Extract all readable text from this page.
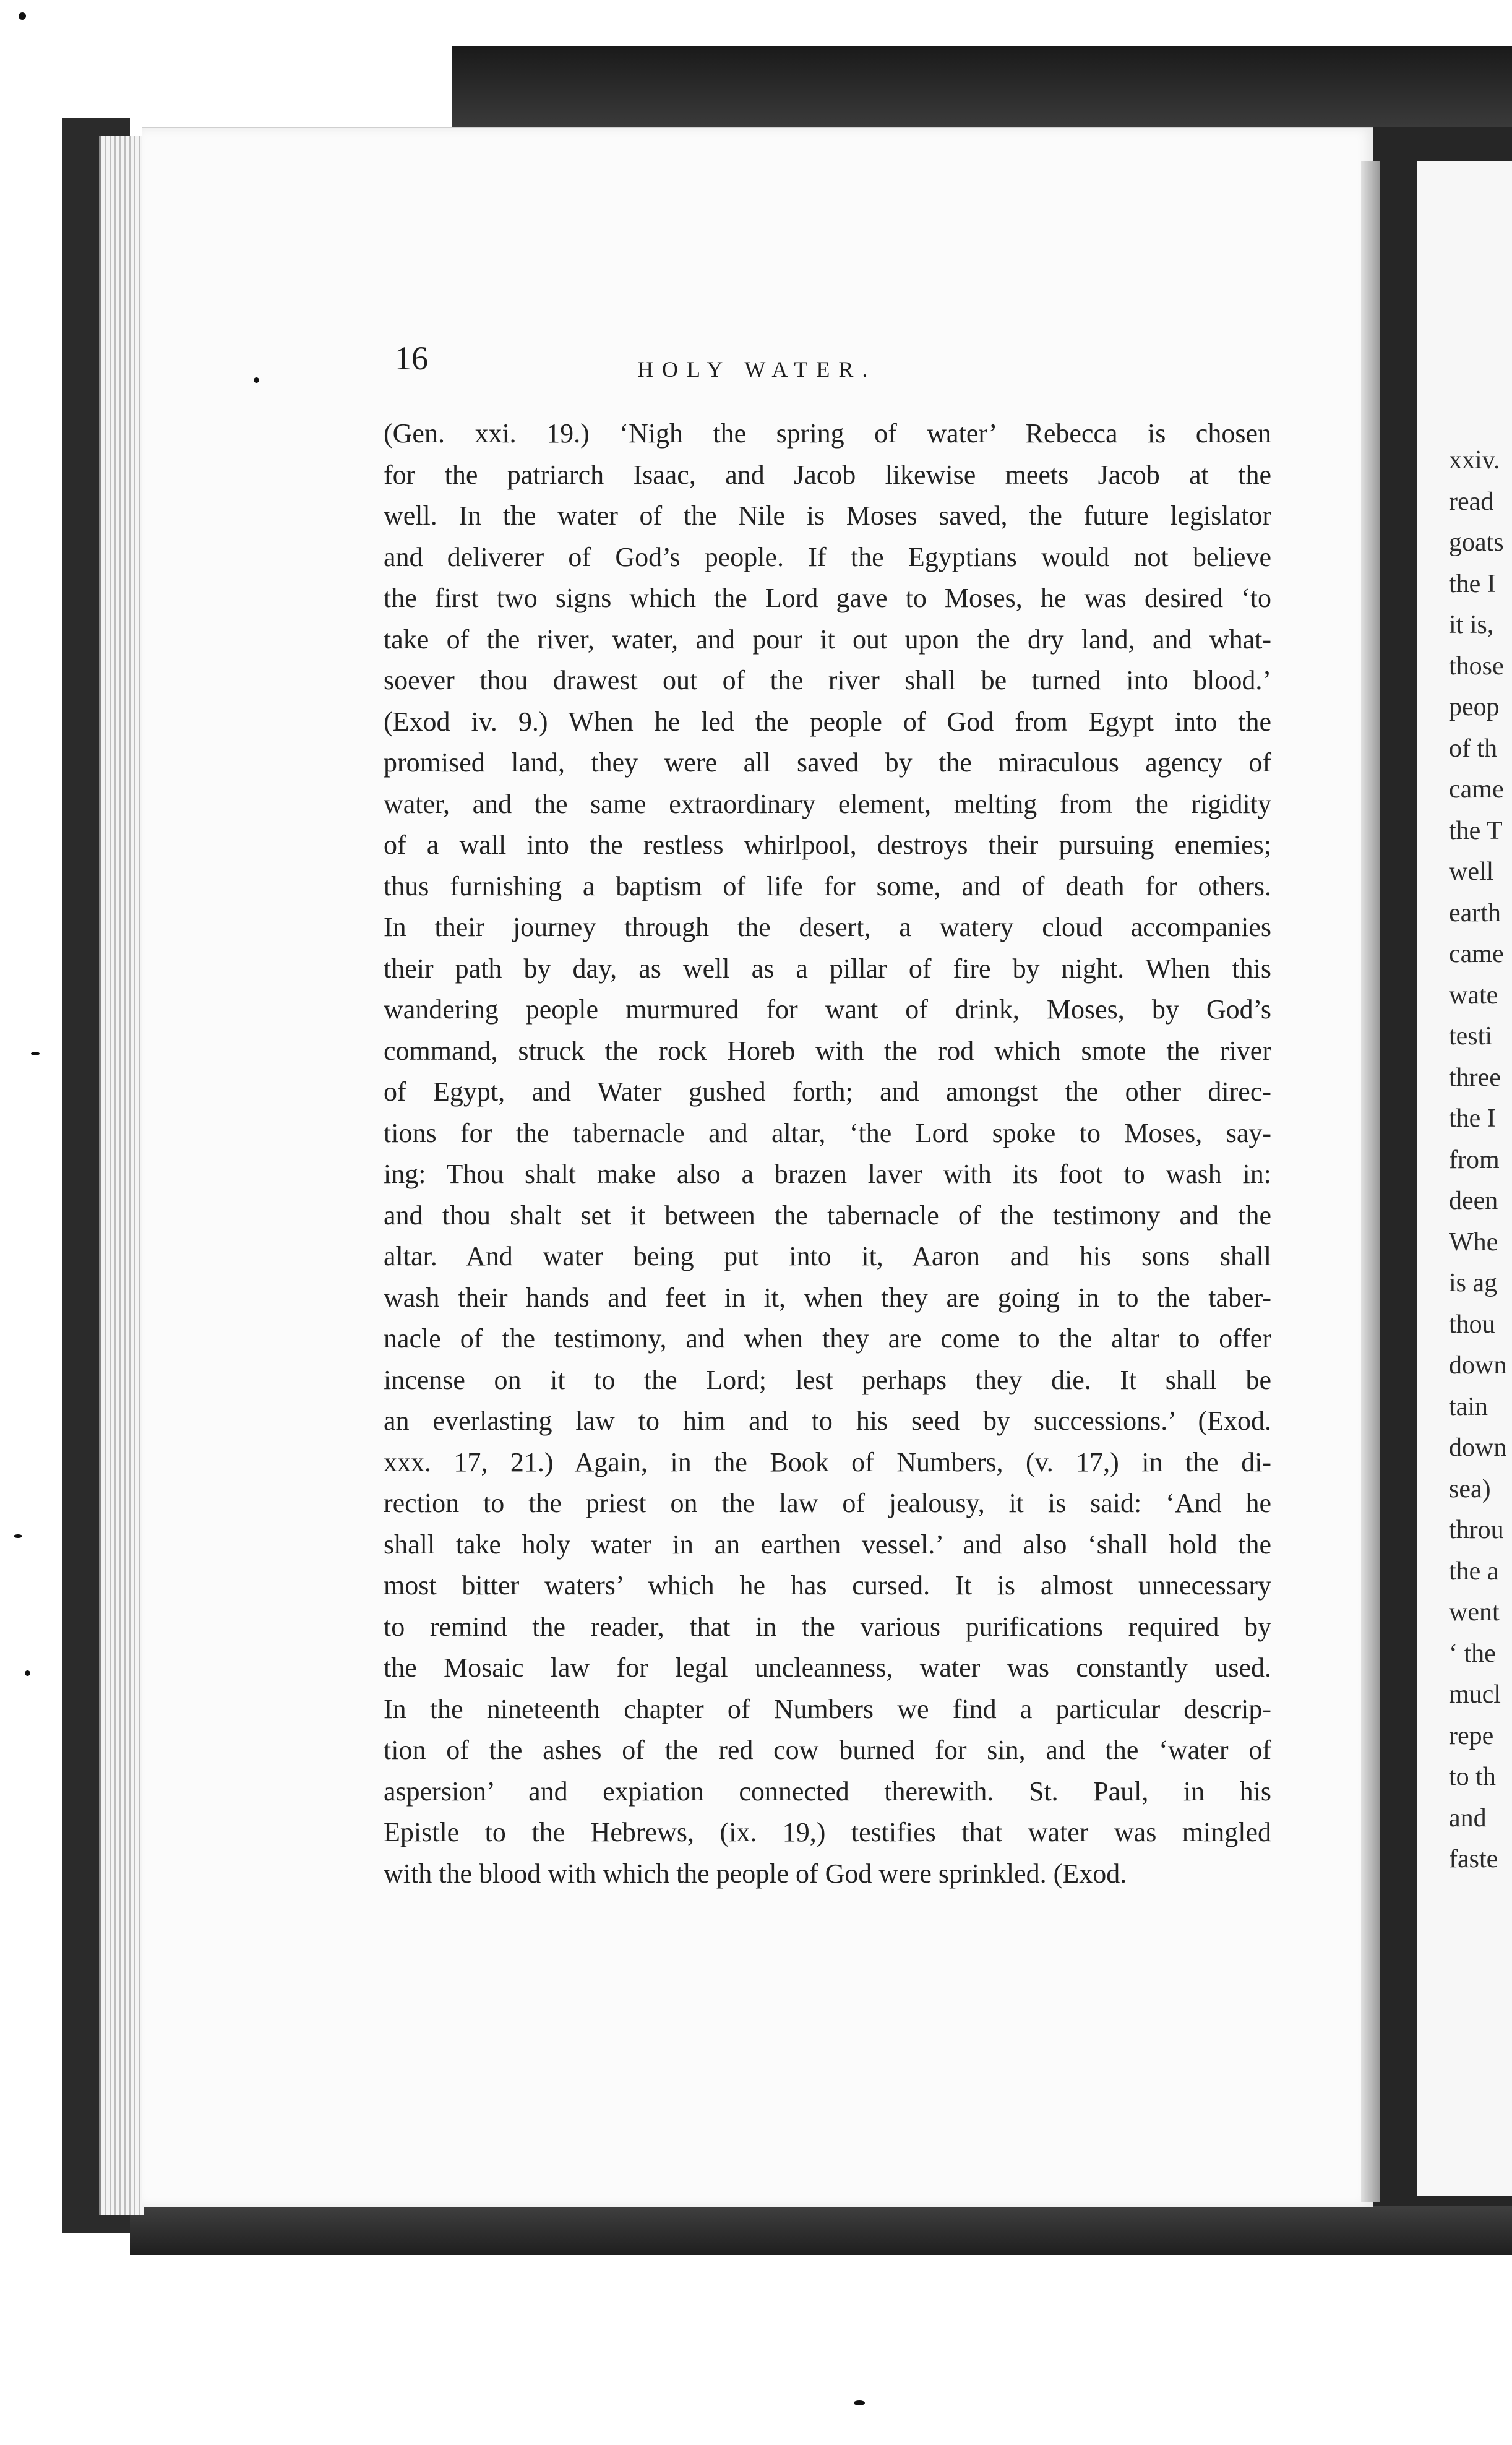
xxiv.
read
goats
the I
it is,
those
peop
of th
came
the T
well
earth
came
wate
testi
three
the I
from
deen
Whe
is ag
thou
down
tain
down
sea)
throu
the a
went
‘ the
mucl
repe
to th
and
faste
16	HOLY WATER.
(Gen. xxi. 19.) ‘Nigh the spring of water’ Rebecca is chosen
for the patriarch Isaac, and Jacob likewise meets Jacob at the
well. In the water of the Nile is Moses saved, the future legislator
and deliverer of God’s people. If the Egyptians would not believe
the first two signs which the Lord gave to Moses, he was desired ‘to
take of the river, water, and pour it out upon the dry land, and what-
soever thou drawest out of the river shall be turned into blood.’
(Exod iv. 9.) When he led the people of God from Egypt into the
promised land, they were all saved by the miraculous agency of
water, and the same extraordinary element, melting from the rigidity
of a wall into the restless whirlpool, destroys their pursuing enemies;
thus furnishing a baptism of life for some, and of death for others.
In their journey through the desert, a watery cloud accompanies
their path by day, as well as a pillar of fire by night. When this
wandering people murmured for want of drink, Moses, by God’s
command, struck the rock Horeb with the rod which smote the river
of Egypt, and Water gushed forth; and amongst the other direc-
tions for the tabernacle and altar, ‘the Lord spoke to Moses, say-
ing: Thou shalt make also a brazen laver with its foot to wash in:
and thou shalt set it between the tabernacle of the testimony and the
altar. And water being put into it, Aaron and his sons shall
wash their hands and feet in it, when they are going in to the taber-
nacle of the testimony, and when they are come to the altar to offer
incense on it to the Lord; lest perhaps they die. It shall be
an everlasting law to him and to his seed by successions.’ (Exod.
xxx. 17, 21.) Again, in the Book of Numbers, (v. 17,) in the di-
rection to the priest on the law of jealousy, it is said: ‘And he
shall take holy water in an earthen vessel.’ and also ‘shall hold the
most bitter waters’ which he has cursed. It is almost unnecessary
to remind the reader, that in the various purifications required by
the Mosaic law for legal uncleanness, water was constantly used.
In the nineteenth chapter of Numbers we find a particular descrip-
tion of the ashes of the red cow burned for sin, and the ‘water of
aspersion’ and expiation connected therewith. St. Paul, in his
Epistle to the Hebrews, (ix. 19,) testifies that water was mingled
with the blood with which the people of God were sprinkled. (Exod.
